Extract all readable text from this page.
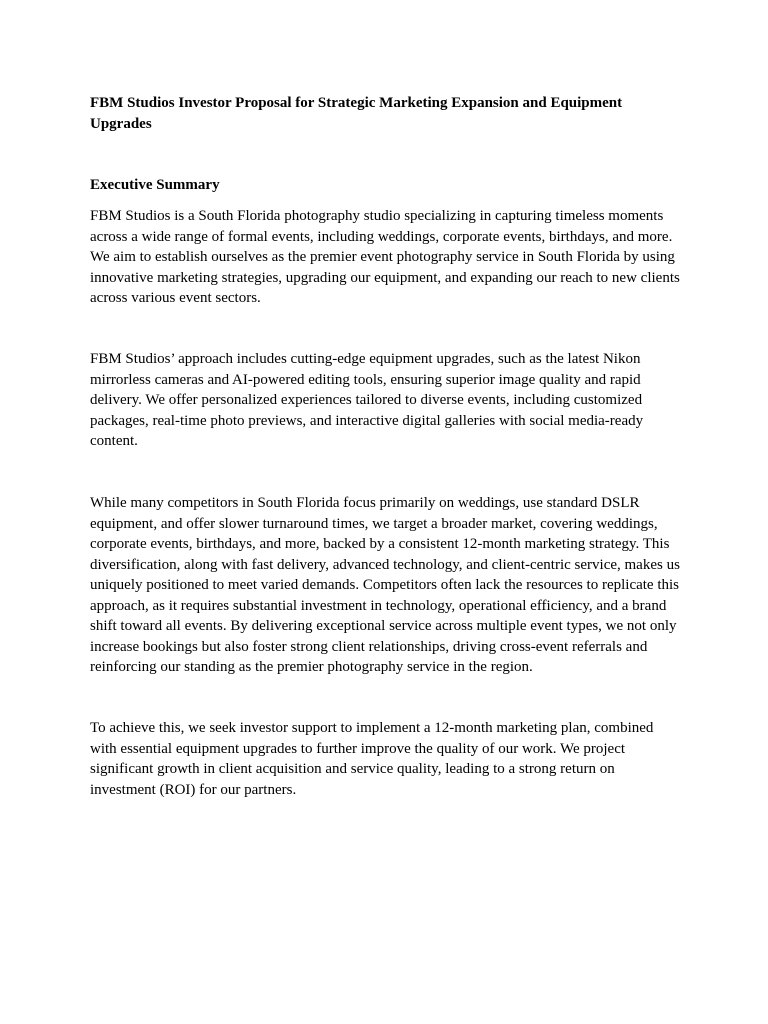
FBM Studios Investor Proposal for Strategic Marketing Expansion and Equipment Upgrades

Executive Summary

FBM Studios is a South Florida photography studio specializing in capturing timeless moments across a wide range of formal events, including weddings, corporate events, birthdays, and more. We aim to establish ourselves as the premier event photography service in South Florida by using innovative marketing strategies, upgrading our equipment, and expanding our reach to new clients across various event sectors.

FBM Studios’ approach includes cutting-edge equipment upgrades, such as the latest Nikon mirrorless cameras and AI-powered editing tools, ensuring superior image quality and rapid delivery. We offer personalized experiences tailored to diverse events, including customized packages, real-time photo previews, and interactive digital galleries with social media-ready content.

While many competitors in South Florida focus primarily on weddings, use standard DSLR equipment, and offer slower turnaround times, we target a broader market, covering weddings, corporate events, birthdays, and more, backed by a consistent 12-month marketing strategy. This diversification, along with fast delivery, advanced technology, and client-centric service, makes us uniquely positioned to meet varied demands. Competitors often lack the resources to replicate this approach, as it requires substantial investment in technology, operational efficiency, and a brand shift toward all events. By delivering exceptional service across multiple event types, we not only increase bookings but also foster strong client relationships, driving cross-event referrals and reinforcing our standing as the premier photography service in the region.

To achieve this, we seek investor support to implement a 12-month marketing plan, combined with essential equipment upgrades to further improve the quality of our work. We project significant growth in client acquisition and service quality, leading to a strong return on investment (ROI) for our partners.
